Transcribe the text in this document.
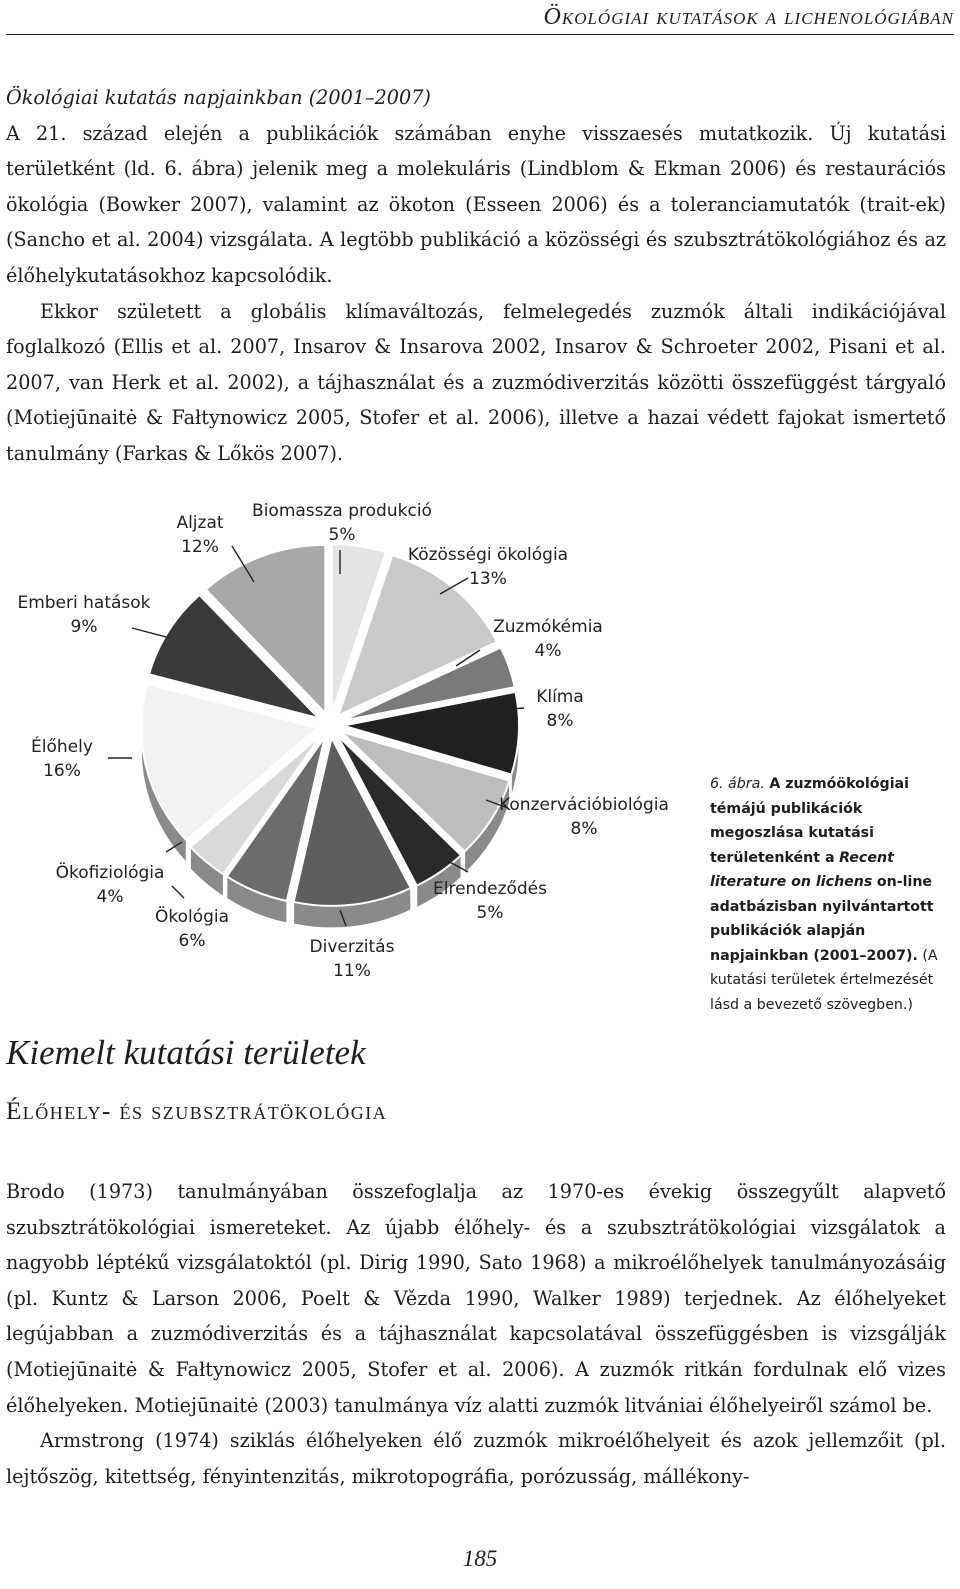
Ökológiai kutatások a lichenológiában

Ökológiai kutatás napjainkban (2001–2007)

A 21. század elején a publikációk számában enyhe visszaesés mutatkozik. Új kutatási területként (ld. 6. ábra) jelenik meg a molekuláris (Lindblom & Ekman 2006) és restaurációs ökológia (Bowker 2007), valamint az ökoton (Esseen 2006) és a toleranciamutatók (trait-ek) (Sancho et al. 2004) vizsgálata. A legtöbb publikáció a közösségi és szubsztrátökológiához és az élőhelykutatásokhoz kapcsolódik.

Ekkor született a globális klímaváltozás, felmelegedés zuzmók általi indikációjával foglalkozó (Ellis et al. 2007, Insarov & Insarova 2002, Insarov & Schroeter 2002, Pisani et al. 2007, van Herk et al. 2002), a tájhasználat és a zuzmódiverzitás közötti összefüggést tárgyaló (Motiejūnaitė & Fałtynowicz 2005, Stofer et al. 2006), illetve a hazai védett fajokat ismertető tanulmány (Farkas & Lőkös 2007).

Biomassza produkció
5%
Közösségi ökológia
13%
Zuzmókémia
4%
Klíma
8%
Konzervációbiológia
8%
Elrendeződés
5%
Diverzitás
11%
Ökológia
6%
Ökofiziológia
4%
Élőhely
16%
Emberi hatások
9%
Aljzat
12%
6. ábra. A zuzmóökológiai témájú publikációk megoszlása kutatási területenként a Recent literature on lichens on-line adatbázisban nyilvántartott publikációk alapján napjainkban (2001–2007). (A kutatási területek értelmezését lásd a bevezető szövegben.)
Kiemelt kutatási területek
Élőhely- és szubsztrátökológia

Brodo (1973) tanulmányában összefoglalja az 1970-es évekig összegyűlt alapvető szubsztrátökológiai ismereteket. Az újabb élőhely- és a szubsztrátökológiai vizsgálatok a nagyobb léptékű vizsgálatoktól (pl. Dirig 1990, Sato 1968) a mikroélőhelyek tanulmányozásáig (pl. Kuntz & Larson 2006, Poelt & Vězda 1990, Walker 1989) terjednek. Az élőhelyeket legújabban a zuzmódiverzitás és a tájhasználat kapcsolatával összefüggésben is vizsgálják (Motiejūnaitė & Fałtynowicz 2005, Stofer et al. 2006). A zuzmók ritkán fordulnak elő vizes élőhelyeken. Motiejūnaitė (2003) tanulmánya víz alatti zuzmók litvániai élőhelyeiről számol be.

Armstrong (1974) sziklás élőhelyeken élő zuzmók mikroélőhelyeit és azok jellemzőit (pl. lejtőszög, kitettség, fényintenzitás, mikrotopográfia, porózusság, mállékony-

185
